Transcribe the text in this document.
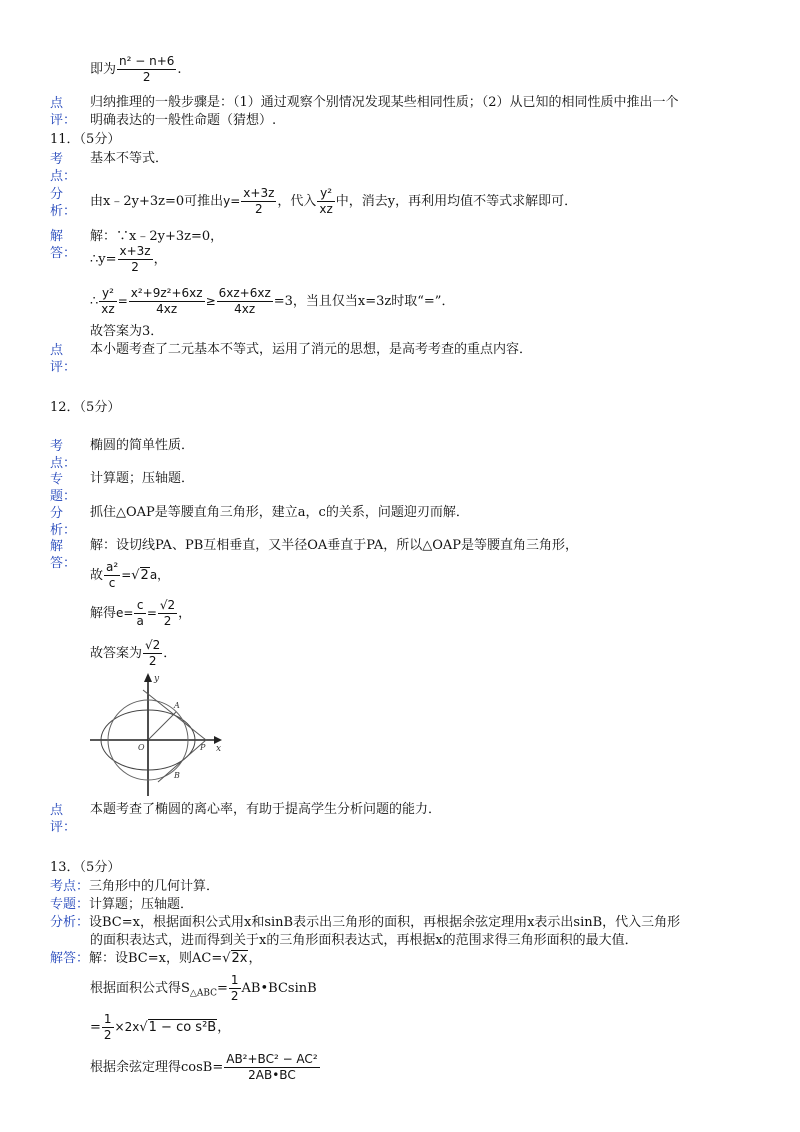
即为 $\frac{\text{n² − n+6}}{2}$ .
点
评：
归纳推理的一般步骤是：（1）通过观察个别情况发现某些相同性质；（2）从已知的相同性质中推出一个
明确表达的一般性命题（猜想）.
11．（5分）
考
点：
基本不等式．
分
析：
由x﹣2y+3z=0可推出$y= \frac{x+3z}{2}$ ，代入 $\frac{\text{y²}}{xz}$ 中，消去y，再利用均值不等式求解即可．
解
答：
解：∵x﹣2y+3z=0，
∴y= $\frac{x+3z}{2}$ ，
∴ $\frac{\text{y²}}{xz} = \frac{\text{x²+9z²+6xz}}{4xz} \ge \frac{6xz+6xz}{4xz} =3$，当且仅当x=3z时取“=”．
故答案为3．
点
评：
本小题考查了二元基本不等式，运用了消元的思想，是高考考查的重点内容．
12．（5分）
考
点：
椭圆的简单性质．
专
题：
计算题；压轴题．
分
析：
抓住△OAP是等腰直角三角形，建立a，c的关系，问题迎刃而解．
解
答：
解：设切线PA、PB互相垂直，又半径OA垂直于PA，所以△OAP是等腰直角三角形，
故 $\frac{\text{a²}}{c} =√2a$，
解得$e= \frac{c}{a} = \frac{√2}{2}$ ，
故答案为 $\frac{√2}{2}$ ．
y
x
O
A
P
B
点
评：
本题考查了椭圆的离心率，有助于提高学生分析问题的能力．
13．（5分）
考点：三角形中的几何计算．
专题：计算题；压轴题．
分析：设BC=x，根据面积公式用x和sinB表示出三角形的面积，再根据余弦定理用x表示出sinB，代入三角形
的面积表达式，进而得到关于x的三角形面积表达式，再根据x的范围求得三角形面积的最大值．
解答：解：设BC=x，则AC=√2x，
根据面积公式得$S_{\triangle ABC}= \frac{1}{2}$ AB•BCsinB
= $\frac{1}{2} \times 2x√1$ − co s²B，
根据余弦定理得$\cos B= \frac{\text{AB²+BC² − AC²}}{2AB•BC}$
